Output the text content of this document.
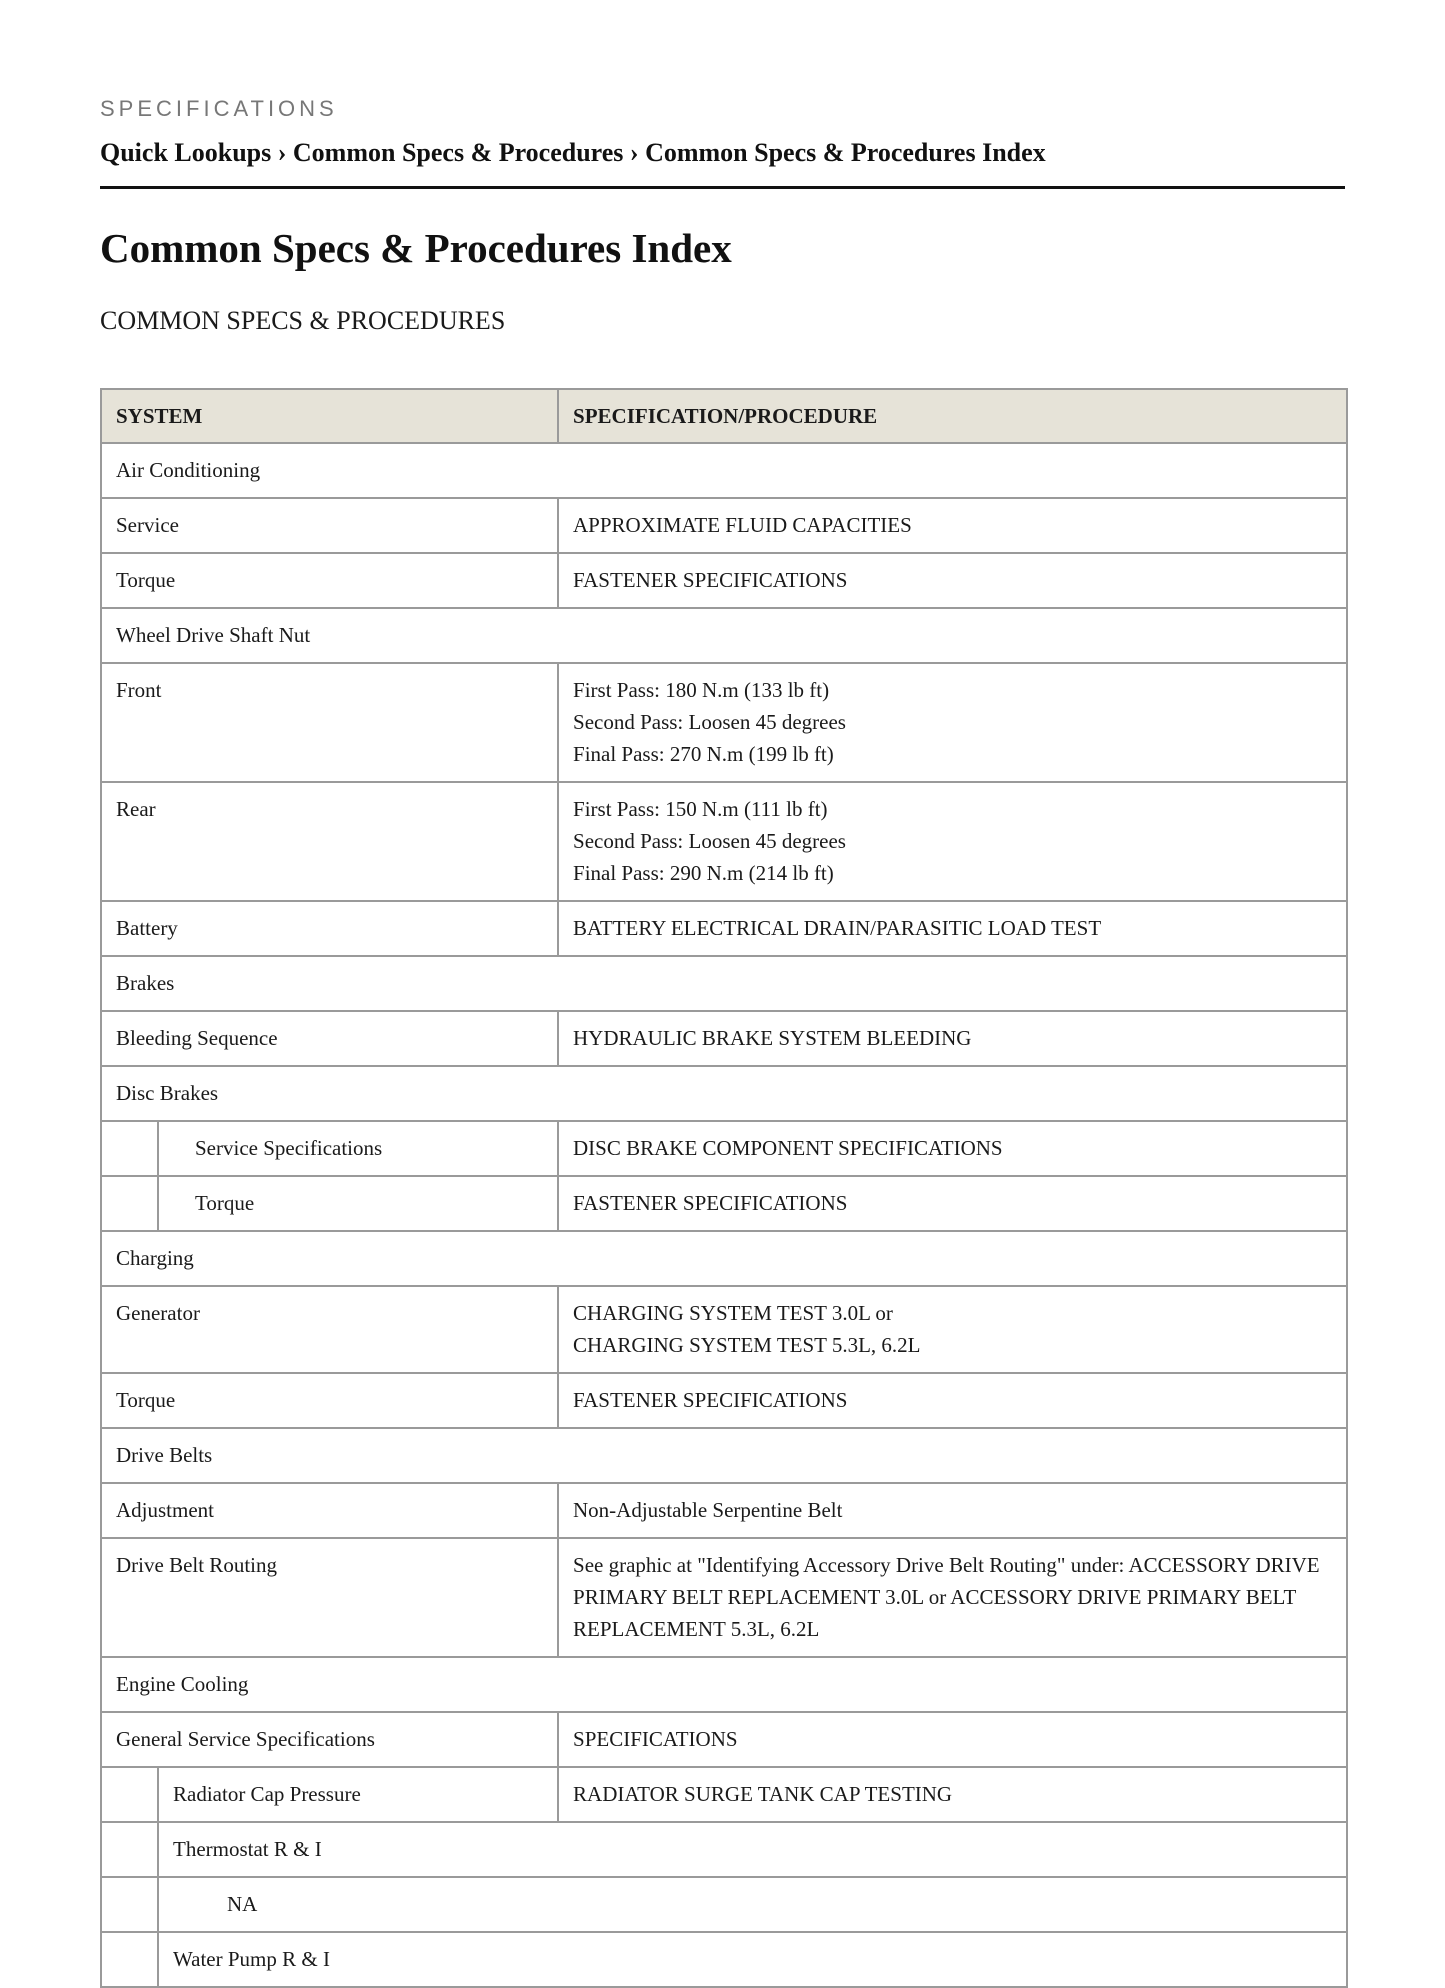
SPECIFICATIONS
Quick Lookups › Common Specs & Procedures › Common Specs & Procedures Index
Common Specs & Procedures Index
COMMON SPECS & PROCEDURES
SYSTEM		SPECIFICATION/PROCEDURE
Air Conditioning		
Service		APPROXIMATE FLUID CAPACITIES
Torque		FASTENER SPECIFICATIONS
Wheel Drive Shaft Nut		
Front		First Pass: 180 N.m (133 lb ft)
Second Pass: Loosen 45 degrees
Final Pass: 270 N.m (199 lb ft)

Rear		First Pass: 150 N.m (111 lb ft)
Second Pass: Loosen 45 degrees
Final Pass: 290 N.m (214 lb ft)

Battery		BATTERY ELECTRICAL DRAIN/PARASITIC LOAD TEST
Brakes		
Bleeding Sequence		HYDRAULIC BRAKE SYSTEM BLEEDING
Disc Brakes		
	Service Specifications	DISC BRAKE COMPONENT SPECIFICATIONS
	Torque	FASTENER SPECIFICATIONS
Charging		
Generator		CHARGING SYSTEM TEST 3.0L or
CHARGING SYSTEM TEST 5.3L, 6.2L

Torque		FASTENER SPECIFICATIONS
Drive Belts		
Adjustment		Non-Adjustable Serpentine Belt
Drive Belt Routing		See graphic at "Identifying Accessory Drive Belt Routing" under: ACCESSORY DRIVE PRIMARY BELT REPLACEMENT 3.0L or ACCESSORY DRIVE PRIMARY BELT REPLACEMENT 5.3L, 6.2L
Engine Cooling		
General Service Specifications		SPECIFICATIONS
	Radiator Cap Pressure	RADIATOR SURGE TANK CAP TESTING
	Thermostat R & I	
	NA	
	Water Pump R & I	
